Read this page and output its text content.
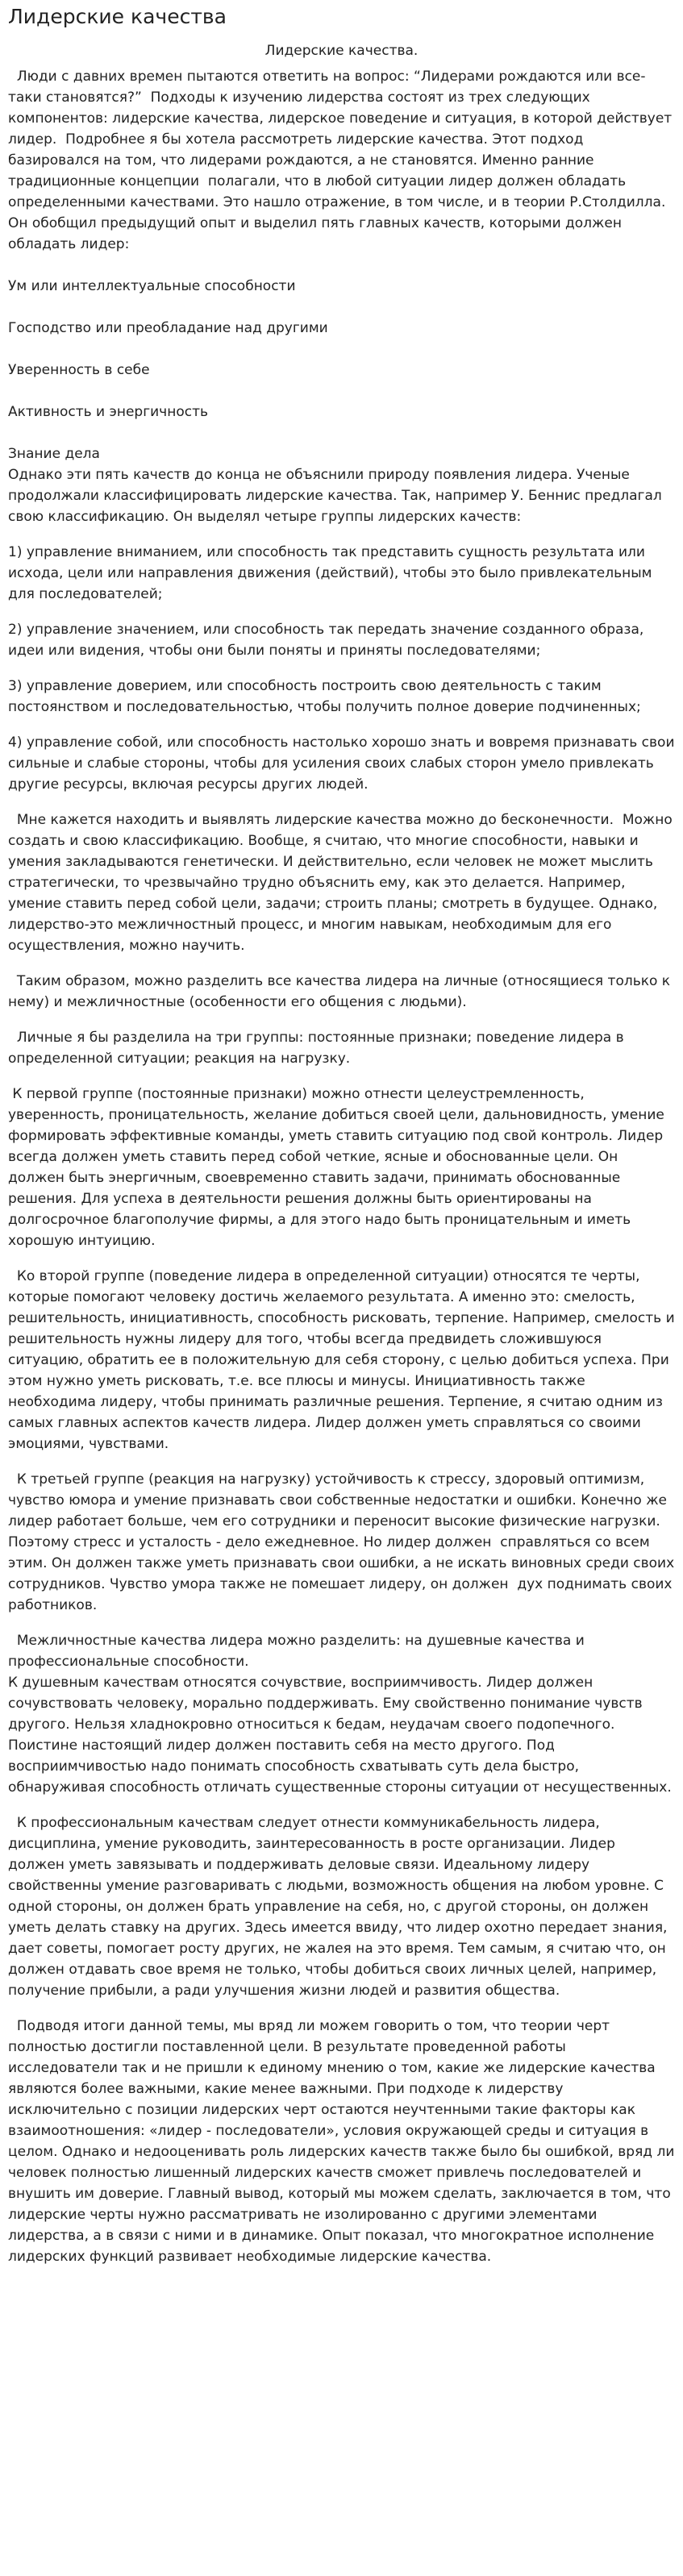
Лидерские качества
Лидерские качества.

Люди с давних времен пытаются ответить на вопрос: “Лидерами рождаются или все-таки становятся?”  Подходы к изучению лидерства состоят из трех следующих компонентов: лидерские качества, лидерское поведение и ситуация, в которой действует лидер.  Подробнее я бы хотела рассмотреть лидерские качества. Этот подход базировался на том, что лидерами рождаются, а не становятся. Именно ранние традиционные концепции  полагали, что в любой ситуации лидер должен обладать определенными качествами. Это нашло отражение, в том числе, и в теории Р.Столдилла. Он обобщил предыдущий опыт и выделил пять главных качеств, которыми должен обладать лидер:

Ум или интеллектуальные способности
Господство или преобладание над другими
Уверенность в себе
Активность и энергичность
Знание дела

Однако эти пять качеств до конца не объяснили природу появления лидера. Ученые продолжали классифицировать лидерские качества. Так, например У. Беннис предлагал свою классификацию. Он выделял четыре группы лидерских качеств:

1) управление вниманием, или способность так представить сущность результата или исхода, цели или направления движения (действий), чтобы это было привлекательным для последователей;

2) управление значением, или способность так передать значение созданного образа, идеи или видения, чтобы они были поняты и приняты последователями;

3) управление доверием, или способность построить свою деятельность с таким постоянством и последовательностью, чтобы получить полное доверие подчиненных;

4) управление собой, или способность настолько хорошо знать и вовремя признавать свои сильные и слабые стороны, чтобы для усиления своих слабых сторон умело привлекать другие ресурсы, включая ресурсы других людей.

Мне кажется находить и выявлять лидерские качества можно до бесконечности.  Можно создать и свою классификацию. Вообще, я считаю, что многие способности, навыки и умения закладываются генетически. И действительно, если человек не может мыслить стратегически, то чрезвычайно трудно объяснить ему, как это делается. Например, умение ставить перед собой цели, задачи; строить планы; смотреть в будущее. Однако, лидерство-это межличностный процесс, и многим навыкам, необходимым для его осуществления, можно научить.

Таким образом, можно разделить все качества лидера на личные (относящиеся только к нему) и межличностные (особенности его общения с людьми).

Личные я бы разделила на три группы: постоянные признаки; поведение лидера в определенной ситуации; реакция на нагрузку.

К первой группе (постоянные признаки) можно отнести целеустремленность, уверенность, проницательность, желание добиться своей цели, дальновидность, умение формировать эффективные команды, уметь ставить ситуацию под свой контроль. Лидер всегда должен уметь ставить перед собой четкие, ясные и обоснованные цели. Он должен быть энергичным, своевременно ставить задачи, принимать обоснованные решения. Для успеха в деятельности решения должны быть ориентированы на долгосрочное благополучие фирмы, а для этого надо быть проницательным и иметь хорошую интуицию.

Ко второй группе (поведение лидера в определенной ситуации) относятся те черты, которые помогают человеку достичь желаемого результата. А именно это: смелость, решительность, инициативность, способность рисковать, терпение. Например, смелость и решительность нужны лидеру для того, чтобы всегда предвидеть сложившуюся ситуацию, обратить ее в положительную для себя сторону, с целью добиться успеха. При этом нужно уметь рисковать, т.е. все плюсы и минусы. Инициативность также необходима лидеру, чтобы принимать различные решения. Терпение, я считаю одним из самых главных аспектов качеств лидера. Лидер должен уметь справляться со своими эмоциями, чувствами.

К третьей группе (реакция на нагрузку) устойчивость к стрессу, здоровый оптимизм, чувство юмора и умение признавать свои собственные недостатки и ошибки. Конечно же лидер работает больше, чем его сотрудники и переносит высокие физические нагрузки. Поэтому стресс и усталость - дело ежедневное. Но лидер должен  справляться со всем этим. Он должен также уметь признавать свои ошибки, а не искать виновных среди своих сотрудников. Чувство умора также не помешает лидеру, он должен  дух поднимать своих работников.

Межличностные качества лидера можно разделить: на душевные качества и профессиональные способности.
К душевным качествам относятся сочувствие, восприимчивость. Лидер должен сочувствовать человеку, морально поддерживать. Ему свойственно понимание чувств другого. Нельзя хладнокровно относиться к бедам, неудачам своего подопечного. Поистине настоящий лидер должен поставить себя на место другого. Под восприимчивостью надо понимать способность схватывать суть дела быстро, обнаруживая способность отличать существенные стороны ситуации от несущественных.

К профессиональным качествам следует отнести коммуникабельность лидера, дисциплина, умение руководить, заинтересованность в росте организации. Лидер должен уметь завязывать и поддерживать деловые связи. Идеальному лидеру свойственны умение разговаривать с людьми, возможность общения на любом уровне. С одной стороны, он должен брать управление на себя, но, с другой стороны, он должен уметь делать ставку на других. Здесь имеется ввиду, что лидер охотно передает знания, дает советы, помогает росту других, не жалея на это время. Тем самым, я считаю что, он должен отдавать свое время не только, чтобы добиться своих личных целей, например, получение прибыли, а ради улучшения жизни людей и развития общества.

Подводя итоги данной темы, мы вряд ли можем говорить о том, что теории черт полностью достигли поставленной цели. В результате проведенной работы исследователи так и не пришли к единому мнению о том, какие же лидерские качества являются более важными, какие менее важными. При подходе к лидерству исключительно с позиции лидерских черт остаются неучтенными такие факторы как взаимоотношения: «лидер - последователи», условия окружающей среды и ситуация в целом. Однако и недооценивать роль лидерских качеств также было бы ошибкой, вряд ли человек полностью лишенный лидерских качеств сможет привлечь последователей и внушить им доверие. Главный вывод, который мы можем сделать, заключается в том, что лидерские черты нужно рассматривать не изолированно с другими элементами лидерства, а в связи с ними и в динамике. Опыт показал, что многократное исполнение лидерских функций развивает необходимые лидерские качества.
